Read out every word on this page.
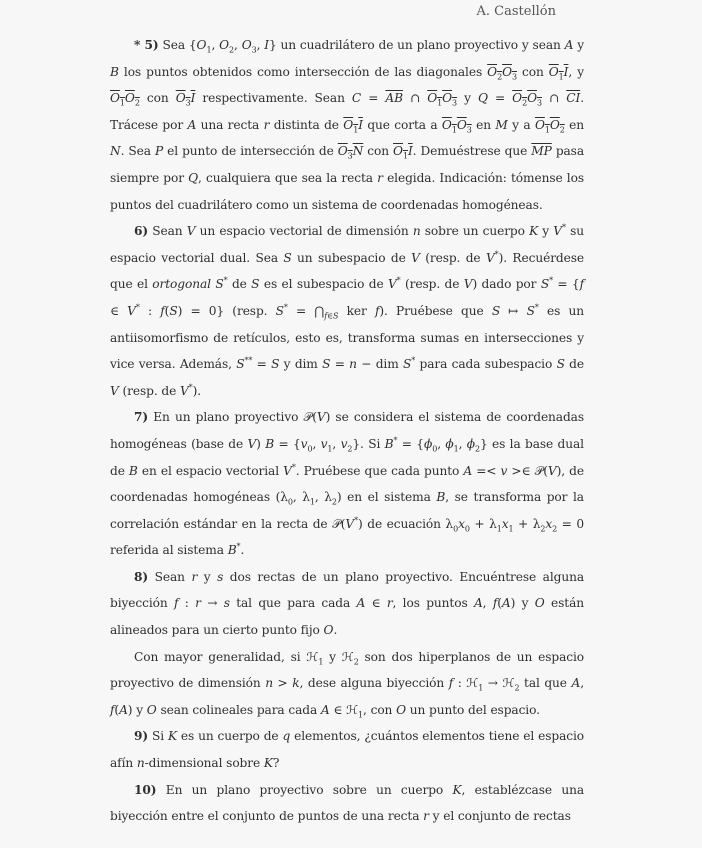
A. Castellón

* 5) Sea {$O_1$, $O_2$, $O_3$, I} un cuadrilátero de un plano proyectivo y sean A y B los puntos obtenidos como intersección de las diagonales $O_2O_3$ con $O_1I$, y $O_1O_2$ con $O_3I$ respectivamente. Sean $C = \overline{AB}$ ∩ $O_1O_3$ y $Q = O_2O_3$ ∩ $\overline{CI}$. Trácese por A una recta r distinta de $O_1I$ que corta a $O_1O_3$ en M y a $O_1O_2$ en N. Sea P el punto de intersección de $O_3N$ con $O_1I$. Demuéstrese que $\overline{MP}$ pasa siempre por Q, cualquiera que sea la recta r elegida. Indicación: tómense los puntos del cuadrilátero como un sistema de coordenadas homogéneas.

6) Sean V un espacio vectorial de dimensión n sobre un cuerpo K y V* su espacio vectorial dual. Sea S un subespacio de V (resp. de V*). Recuérdese que el ortogonal S* de S es el subespacio de V* (resp. de V) dado por S* = {f ∈ V* : f(S) = 0} (resp. $S^* = ⋂_{f\in S}$ ker f). Pruébese que S ↦ S* es un antiisomorfismo de retículos, esto es, transforma sumas en intersecciones y vice versa. Además, S** = S y dim S = n − dim S* para cada subespacio S de V (resp. de V*).

7) En un plano proyectivo 𝒫(V) se considera el sistema de coordenadas homogéneas (base de V) $B = \{v_0$, $v_1$, $v_2$}. Si $B^* = \{\phi_0$, $\phi_1$, $\phi_2$} es la base dual de B en el espacio vectorial V*. Pruébese que cada punto A =< v >∈ 𝒫(V), de coordenadas homogéneas ($\lambda_0$, $\lambda_1$, $\lambda_2$) en el sistema B, se transforma por la correlación estándar en la recta de 𝒫(V*) de ecuación $\lambda_0x_0 + \lambda_1x_1 + \lambda_2x_2 = 0$ referida al sistema B*.

8) Sean r y s dos rectas de un plano proyectivo. Encuéntrese alguna biyección f : r → s tal que para cada A ∈ r, los puntos A, f(A) y O están alineados para un cierto punto fijo O.

Con mayor generalidad, si ℋ$_1$ y ℋ$_2$ son dos hiperplanos de un espacio proyectivo de dimensión n > k, dese alguna biyección f : ℋ$_1$ → ℋ$_2$ tal que A, f(A) y O sean colineales para cada A ∈ ℋ$_1$, con O un punto del espacio.

9) Si K es un cuerpo de q elementos, ¿cuántos elementos tiene el espacio afín n-dimensional sobre K?

10) En un plano proyectivo sobre un cuerpo K, establézcase una biyección entre el conjunto de puntos de una recta r y el conjunto de rectas
